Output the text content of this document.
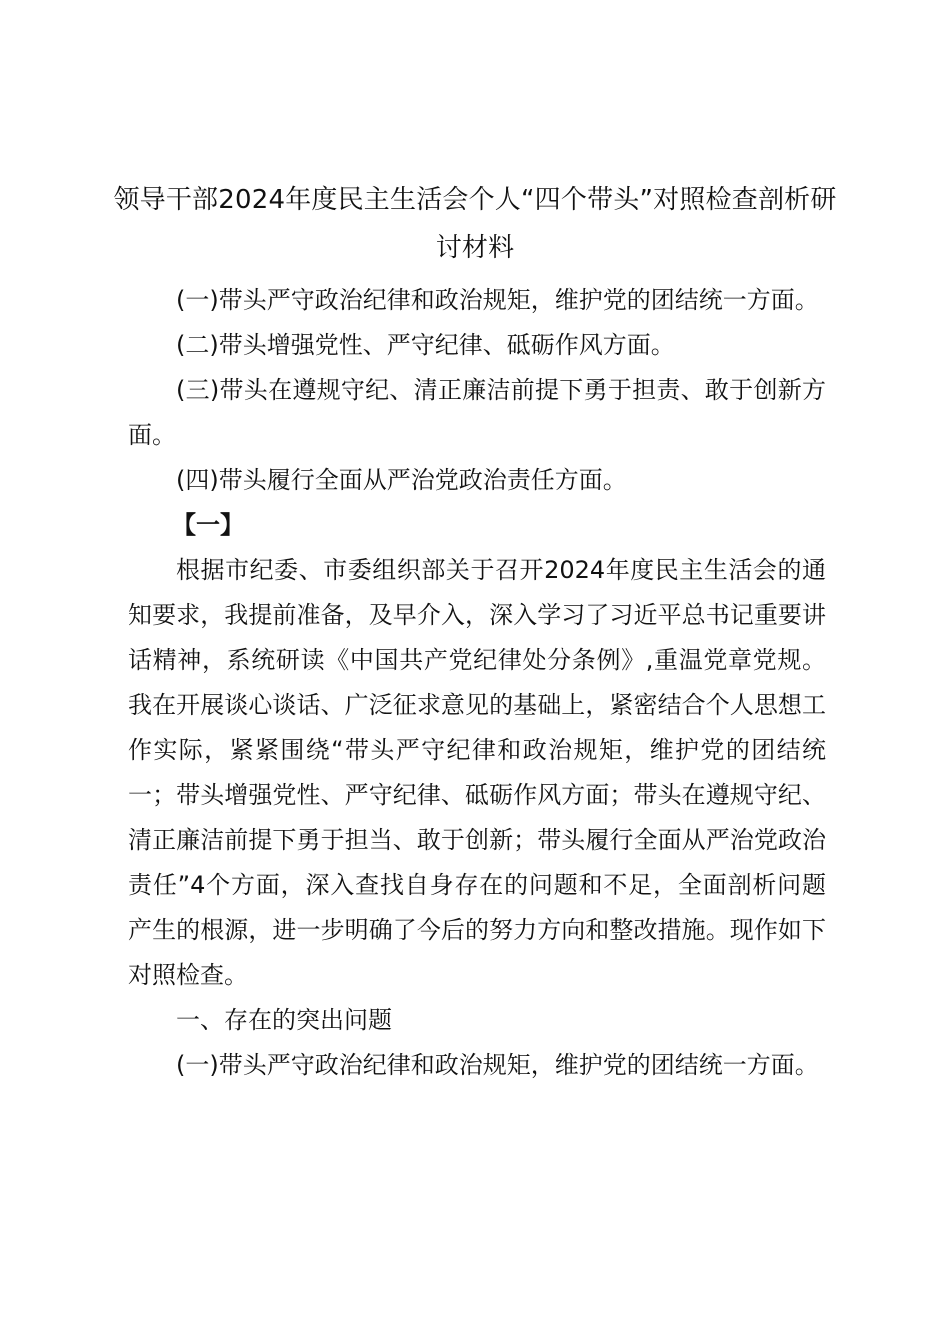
领导干部2024年度民主生活会个人“四个带头”对照检查剖析研讨材料

(一)带头严守政治纪律和政治规矩，维护党的团结统一方面。

(二)带头增强党性、严守纪律、砥砺作风方面。

(三)带头在遵规守纪、清正廉洁前提下勇于担责、敢于创新方面。

(四)带头履行全面从严治党政治责任方面。

【一】

根据市纪委、市委组织部关于召开2024年度民主生活会的通知要求，我提前准备，及早介入，深入学习了习近平总书记重要讲话精神，系统研读《中国共产党纪律处分条例》,重温党章党规。我在开展谈心谈话、广泛征求意见的基础上，紧密结合个人思想工作实际，紧紧围绕“带头严守纪律和政治规矩，维护党的团结统一；带头增强党性、严守纪律、砥砺作风方面；带头在遵规守纪、清正廉洁前提下勇于担当、敢于创新；带头履行全面从严治党政治责任”4个方面，深入查找自身存在的问题和不足，全面剖析问题产生的根源，进一步明确了今后的努力方向和整改措施。现作如下对照检查。

一、存在的突出问题

(一)带头严守政治纪律和政治规矩，维护党的团结统一方面。
